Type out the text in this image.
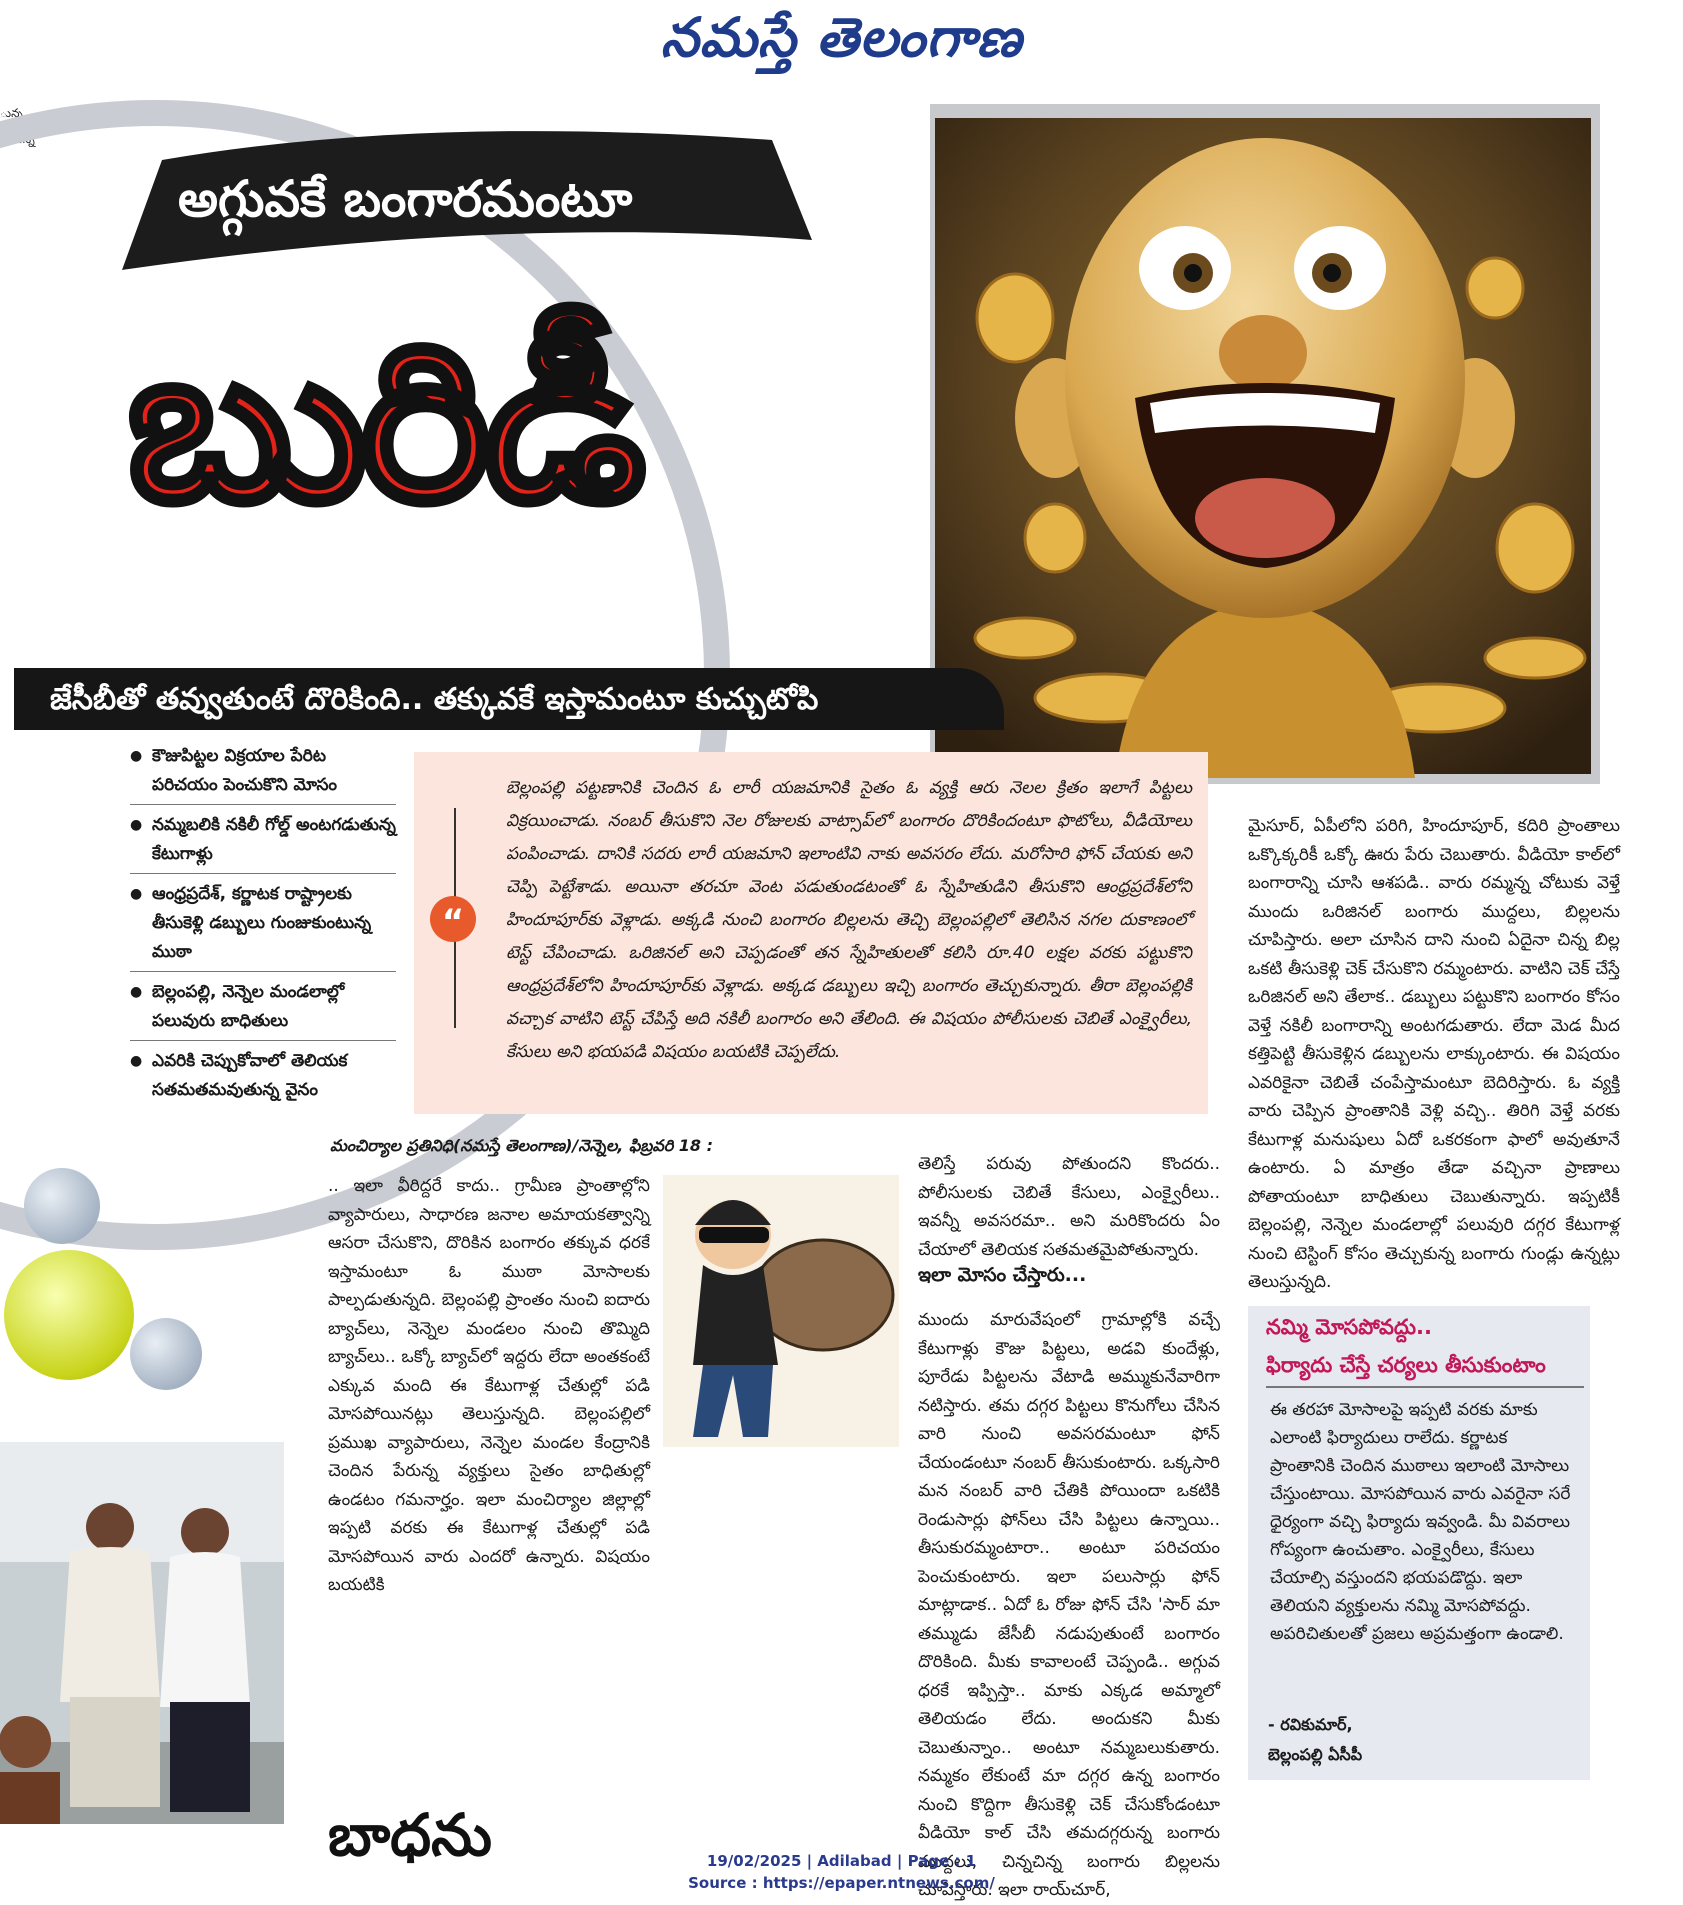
నమస్తే తెలంగాణ
ున్న
ామన్న
అగ్గువకే బంగారమంటూ
బురిడీ
జేసీబీతో తవ్వుతుంటే దొరికింది.. తక్కువకే ఇస్తామంటూ కుచ్చుటోపి
● కౌజుపిట్టల విక్రయాల పేరిట పరిచయం పెంచుకొని మోసం
● నమ్మబలికి నకిలీ గోల్డ్ అంటగడుతున్న కేటుగాళ్లు
● ఆంధ్రప్రదేశ్, కర్ణాటక రాష్ట్రాలకు తీసుకెళ్లి డబ్బులు గుంజుకుంటున్న ముఠా
● బెల్లంపల్లి, నెన్నెల మండలాల్లో పలువురు బాధితులు
● ఎవరికి చెప్పుకోవాలో తెలియక సతమతమవుతున్న వైనం
“
బెల్లంపల్లి పట్టణానికి చెందిన ఓ లారీ యజమానికి సైతం ఓ వ్యక్తి ఆరు నెలల క్రితం ఇలాగే పిట్టలు విక్రయించాడు. నంబర్ తీసుకొని నెల రోజులకు వాట్సాప్‌లో బంగారం దొరికిందంటూ ఫొటోలు, వీడియోలు పంపించాడు. దానికి సదరు లారీ యజమాని ఇలాంటివి నాకు అవసరం లేదు. మరోసారి ఫోన్ చేయకు అని చెప్పి పెట్టేశాడు. అయినా తరచూ వెంట పడుతుండటంతో ఓ స్నేహితుడిని తీసుకొని ఆంధ్రప్రదేశ్‌లోని హిందూపూర్‌కు వెళ్లాడు. అక్కడి నుంచి బంగారం బిల్లలను తెచ్చి బెల్లంపల్లిలో తెలిసిన నగల దుకాణంలో టెస్ట్ చేపించాడు. ఒరిజినల్ అని చెప్పడంతో తన స్నేహితులతో కలిసి రూ.40 లక్షల వరకు పట్టుకొని ఆంధ్రప్రదేశ్‌లోని హిందూపూర్‌కు వెళ్లాడు. అక్కడ డబ్బులు ఇచ్చి బంగారం తెచ్చుకున్నారు. తీరా బెల్లంపల్లికి వచ్చాక వాటిని టెస్ట్ చేపిస్తే అది నకిలీ బంగారం అని తేలింది. ఈ విషయం పోలీసులకు చెబితే ఎంక్వైరీలు, కేసులు అని భయపడి విషయం బయటికి చెప్పలేదు.
మంచిర్యాల ప్రతినిధి(నమస్తే తెలంగాణ)/నెన్నెల, ఫిబ్రవరి 18 :
.. ఇలా వీరిద్దరే కాదు.. గ్రామీణ ప్రాంతాల్లోని వ్యాపారులు, సాధారణ జనాల అమాయకత్వాన్ని ఆసరా చేసుకొని, దొరికిన బంగారం తక్కువ ధరకే ఇస్తామంటూ ఓ ముఠా మోసాలకు పాల్పడుతున్నది. బెల్లంపల్లి ప్రాంతం నుంచి ఐదారు బ్యాచ్‌లు, నెన్నెల మండలం నుంచి తొమ్మిది బ్యాచ్‌లు.. ఒక్కో బ్యాచ్‌లో ఇద్దరు లేదా అంతకంటే ఎక్కువ మంది ఈ కేటుగాళ్ల చేతుల్లో పడి మోసపోయినట్లు తెలుస్తున్నది. బెల్లంపల్లిలో ప్రముఖ వ్యాపారులు, నెన్నెల మండల కేంద్రానికి చెందిన పేరున్న వ్యక్తులు సైతం బాధితుల్లో ఉండటం గమనార్హం. ఇలా మంచిర్యాల జిల్లాల్లో ఇప్పటి వరకు ఈ కేటుగాళ్ల చేతుల్లో పడి మోసపోయిన వారు ఎందరో ఉన్నారు. విషయం బయటికి
తెలిస్తే పరువు పోతుందని కొందరు.. పోలీసులకు చెబితే కేసులు, ఎంక్వైరీలు.. ఇవన్నీ అవసరమా.. అని మరికొందరు ఏం చేయాలో తెలియక సతమతమైపోతున్నారు.
ఇలా మోసం చేస్తారు...
ముందు మారువేషంలో గ్రామాల్లోకి వచ్చే కేటుగాళ్లు కౌజు పిట్టలు, అడవి కుందేళ్లు, పూరేడు పిట్టలను వేటాడి అమ్ముకునేవారిగా నటిస్తారు. తమ దగ్గర పిట్టలు కొనుగోలు చేసిన వారి నుంచి అవసరమంటూ ఫోన్ చేయండంటూ నంబర్ తీసుకుంటారు. ఒక్కసారి మన నంబర్ వారి చేతికి పోయిందా ఒకటికి రెండుసార్లు ఫోన్‌లు చేసి పిట్టలు ఉన్నాయి.. తీసుకురమ్మంటారా.. అంటూ పరిచయం పెంచుకుంటారు. ఇలా పలుసార్లు ఫోన్ మాట్లాడాక.. ఏదో ఓ రోజు ఫోన్ చేసి 'సార్ మా తమ్ముడు జేసీబీ నడుపుతుంటే బంగారం దొరికింది. మీకు కావాలంటే చెప్పండి.. అగ్గువ ధరకే ఇప్పిస్తా.. మాకు ఎక్కడ అమ్మాలో తెలియడం లేదు. అందుకని మీకు చెబుతున్నాం.. అంటూ నమ్మబలుకుతారు. నమ్మకం లేకుంటే మా దగ్గర ఉన్న బంగారం నుంచి కొద్దిగా తీసుకెళ్లి చెక్ చేసుకోండంటూ వీడియో కాల్ చేసి తమదగ్గరున్న బంగారు ముద్దలు, చిన్నచిన్న బంగారు బిల్లలను చూపిస్తారు. ఇలా రాయ్‌చూర్,
మైసూర్, ఏపీలోని పరిగి, హిందూపూర్, కదిరి ప్రాంతాలు ఒక్కొక్కరికీ ఒక్కో ఊరు పేరు చెబుతారు. వీడియో కాల్‌లో బంగారాన్ని చూసి ఆశపడి.. వారు రమ్మన్న చోటుకు వెళ్తే ముందు ఒరిజినల్ బంగారు ముద్దలు, బిల్లలను చూపిస్తారు. అలా చూసిన దాని నుంచి ఏదైనా చిన్న బిల్ల ఒకటి తీసుకెళ్లి చెక్ చేసుకొని రమ్మంటారు. వాటిని చెక్ చేస్తే ఒరిజినల్ అని తేలాక.. డబ్బులు పట్టుకొని బంగారం కోసం వెళ్తే నకిలీ బంగారాన్ని అంటగడుతారు. లేదా మెడ మీద కత్తిపెట్టి తీసుకెళ్లిన డబ్బులను లాక్కుంటారు. ఈ విషయం ఎవరికైనా చెబితే చంపేస్తామంటూ బెదిరిస్తారు. ఓ వ్యక్తి వారు చెప్పిన ప్రాంతానికి వెళ్లి వచ్చి.. తిరిగి వెళ్తే వరకు కేటుగాళ్ల మనుషులు ఏదో ఒకరకంగా ఫాలో అవుతూనే ఉంటారు. ఏ మాత్రం తేడా వచ్చినా ప్రాణాలు పోతాయంటూ బాధితులు చెబుతున్నారు. ఇప్పటికీ బెల్లంపల్లి, నెన్నెల మండలాల్లో పలువురి దగ్గర కేటుగాళ్ల నుంచి టెస్టింగ్ కోసం తెచ్చుకున్న బంగారు గుండ్లు ఉన్నట్లు తెలుస్తున్నది.
నమ్మి మోసపోవద్దు..
ఫిర్యాదు చేస్తే చర్యలు తీసుకుంటాం
ఈ తరహా మోసాలపై ఇప్పటి వరకు మాకు ఎలాంటి ఫిర్యాదులు రాలేదు. కర్ణాటక ప్రాంతానికి చెందిన ముఠాలు ఇలాంటి మోసాలు చేస్తుంటాయి. మోసపోయిన వారు ఎవరైనా సరే ధైర్యంగా వచ్చి ఫిర్యాదు ఇవ్వండి. మీ వివరాలు గోప్యంగా ఉంచుతాం. ఎంక్వైరీలు, కేసులు చేయాల్సి వస్తుందని భయపడొద్దు. ఇలా తెలియని వ్యక్తులను నమ్మి మోసపోవద్దు. అపరిచితులతో ప్రజలు అప్రమత్తంగా ఉండాలి.
- రవికుమార్,
బెల్లంపల్లి ఏసీపీ
బాధను	19/02/2025 | Adilabad | Page : 1
Source : https://epaper.ntnews.com/
